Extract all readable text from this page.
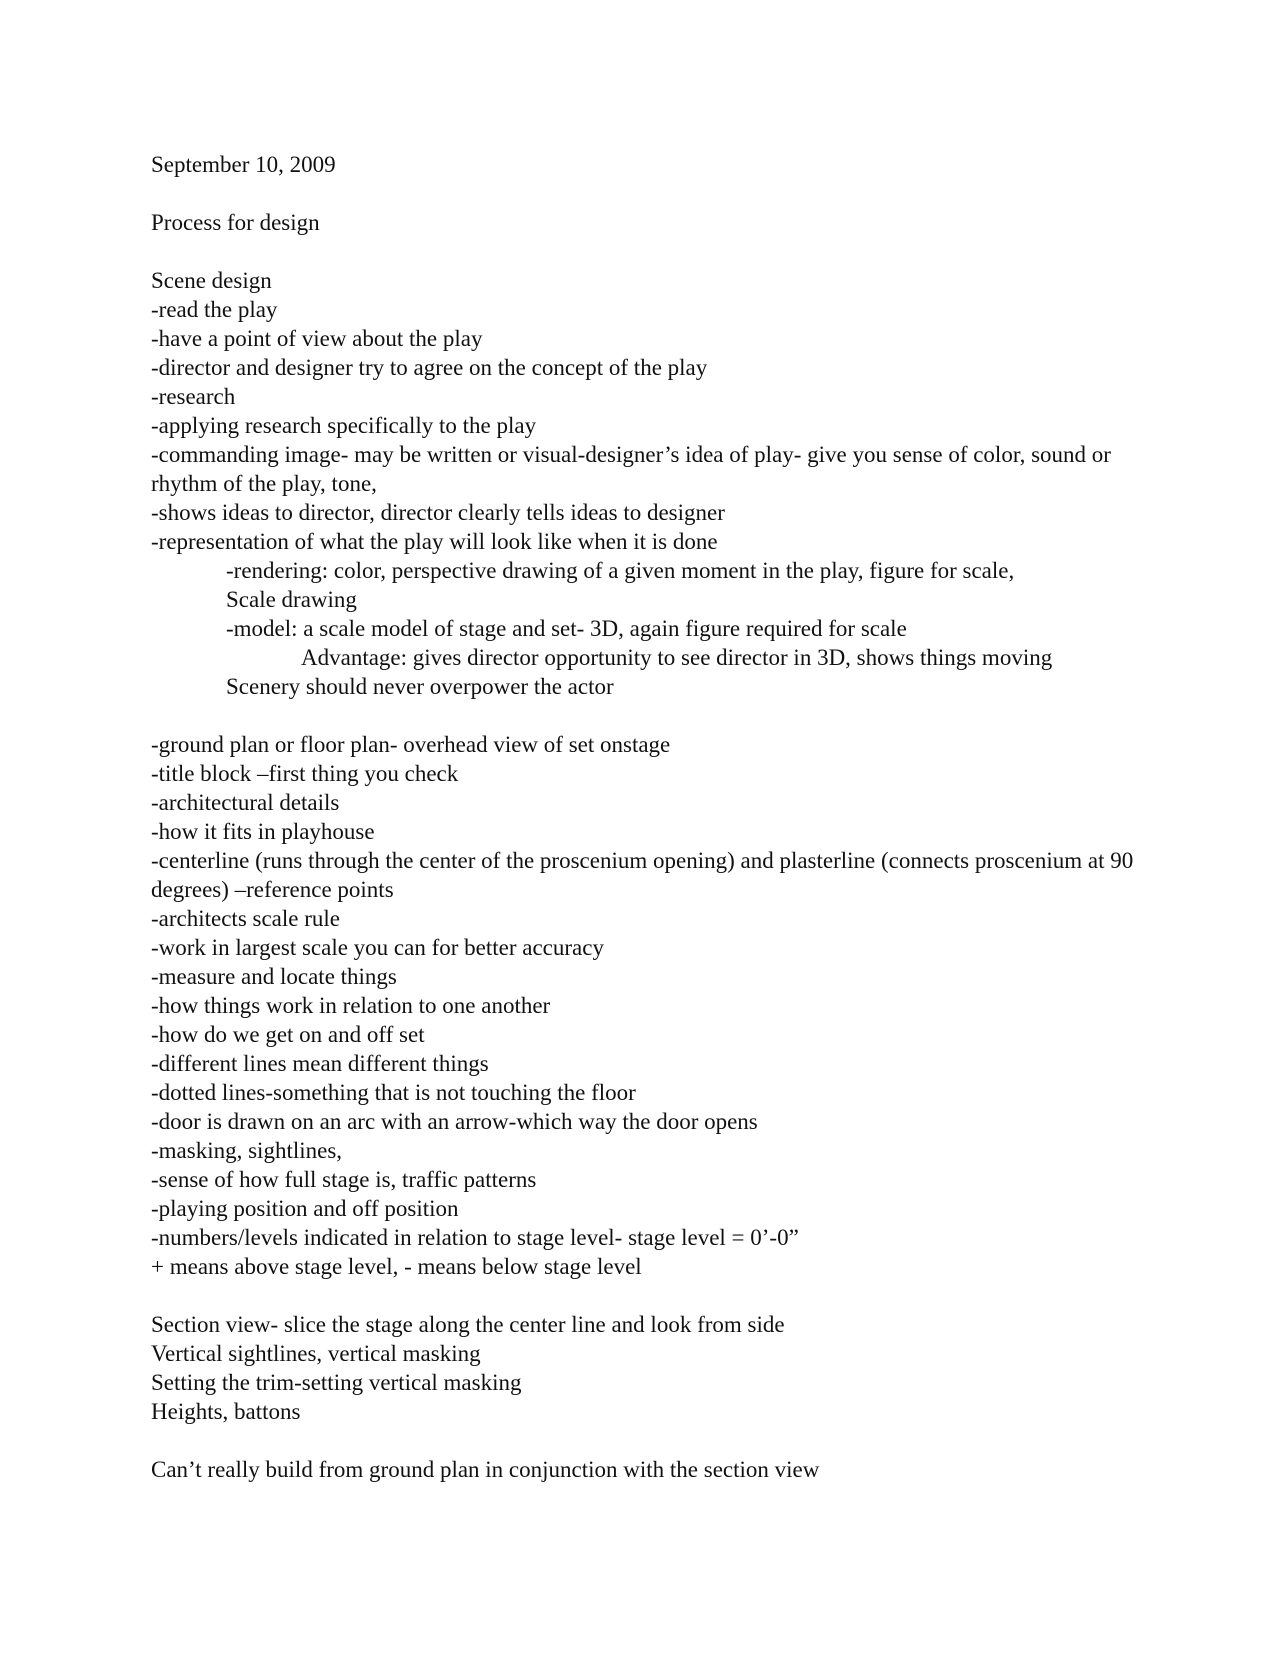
September 10, 2009
Process for design
Scene design
-read the play
-have a point of view about the play
-director and designer try to agree on the concept of the play
-research
-applying research specifically to the play
-commanding image- may be written or visual-designer’s idea of play- give you sense of color, sound or rhythm of the play, tone,
-shows ideas to director, director clearly tells ideas to designer
-representation of what the play will look like when it is done
-rendering: color, perspective drawing of a given moment in the play, figure for scale,
Scale drawing
-model: a scale model of stage and set- 3D, again figure required for scale
Advantage: gives director opportunity to see director in 3D, shows things moving
Scenery should never overpower the actor
-ground plan or floor plan- overhead view of set onstage
-title block –first thing you check
-architectural details
-how it fits in playhouse
-centerline (runs through the center of the proscenium opening) and plasterline (connects proscenium at 90 degrees) –reference points
-architects scale rule
-work in largest scale you can for better accuracy
-measure and locate things
-how things work in relation to one another
-how do we get on and off set
-different lines mean different things
-dotted lines-something that is not touching the floor
-door is drawn on an arc with an arrow-which way the door opens
-masking, sightlines,
-sense of how full stage is, traffic patterns
-playing position and off position
-numbers/levels indicated in relation to stage level- stage level = 0’-0”
+ means above stage level, - means below stage level
Section view- slice the stage along the center line and look from side
Vertical sightlines, vertical masking
Setting the trim-setting vertical masking
Heights, battons
Can’t really build from ground plan in conjunction with the section view
